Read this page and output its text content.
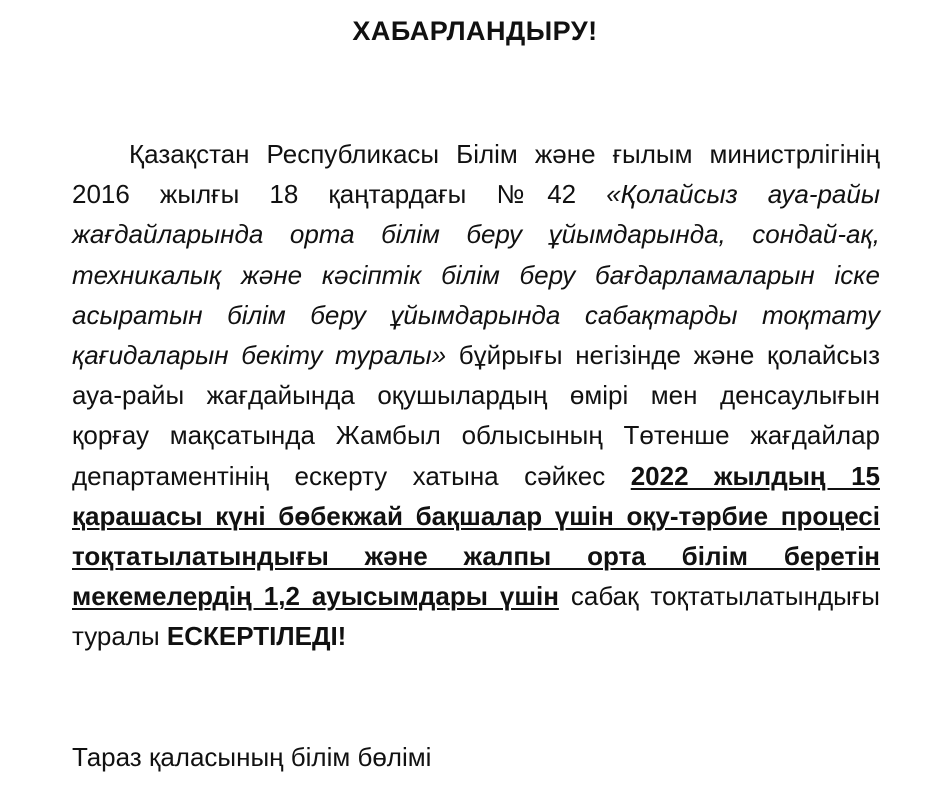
ХАБАРЛАНДЫРУ!

Қазақстан Республикасы Білім және ғылым министрлігінің 2016 жылғы 18 қаңтардағы №42 «Қолайсыз ауа-райы жағдайларында орта білім беру ұйымдарында, сондай-ақ, техникалық және кәсіптік білім беру бағдарламаларын іске асыратын білім беру ұйымдарында сабақтарды тоқтату қағидаларын бекіту туралы» бұйрығы негізінде және қолайсыз ауа-райы жағдайында оқушылардың өмірі мен денсаулығын қорғау мақсатында Жамбыл облысының Төтенше жағдайлар департаментінің ескерту хатына сәйкес 2022 жылдың 15 қарашасы күні бөбекжай бақшалар үшін оқу-тәрбие процесі тоқтатылатындығы және жалпы орта білім беретін мекемелердің 1,2 ауысымдары үшін сабақ тоқтатылатындығы туралы ЕСКЕРТІЛЕДІ!

Тараз қаласының білім бөлімі
